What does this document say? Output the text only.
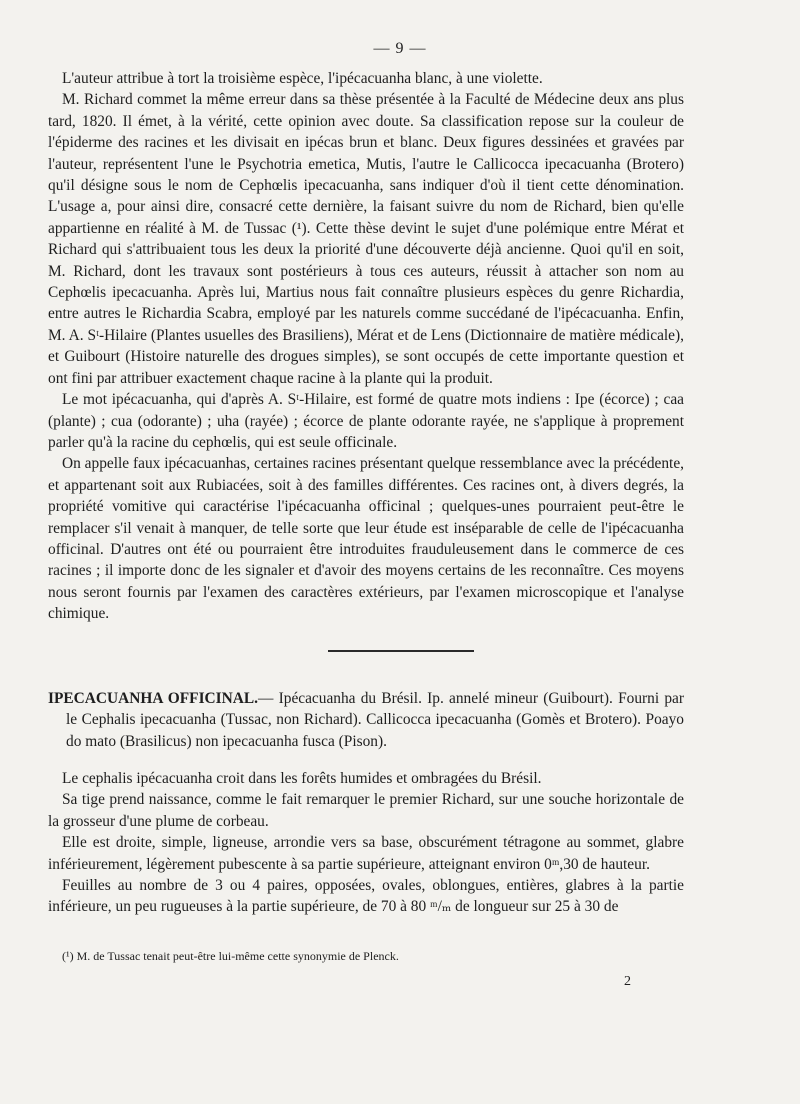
— 9 —

L'auteur attribue à tort la troisième espèce, l'ipécacuanha blanc, à une violette.

M. Richard commet la même erreur dans sa thèse présentée à la Faculté de Médecine deux ans plus tard, 1820. Il émet, à la vérité, cette opinion avec doute. Sa classification repose sur la couleur de l'épiderme des racines et les divisait en ipécas brun et blanc. Deux figures dessinées et gravées par l'auteur, représentent l'une le Psychotria emetica, Mutis, l'autre le Callicocca ipecacuanha (Brotero) qu'il désigne sous le nom de Cephœlis ipecacuanha, sans indiquer d'où il tient cette dénomination. L'usage a, pour ainsi dire, consacré cette dernière, la faisant suivre du nom de Richard, bien qu'elle appartienne en réalité à M. de Tussac (¹). Cette thèse devint le sujet d'une polémique entre Mérat et Richard qui s'attribuaient tous les deux la priorité d'une découverte déjà ancienne. Quoi qu'il en soit, M. Richard, dont les travaux sont postérieurs à tous ces auteurs, réussit à attacher son nom au Cephœlis ipecacuanha. Après lui, Martius nous fait connaître plusieurs espèces du genre Richardia, entre autres le Richardia Scabra, employé par les naturels comme succédané de l'ipécacuanha. Enfin, M. A. Sᵗ-Hilaire (Plantes usuelles des Brasiliens), Mérat et de Lens (Dictionnaire de matière médicale), et Guibourt (Histoire naturelle des drogues simples), se sont occupés de cette importante question et ont fini par attribuer exactement chaque racine à la plante qui la produit.

Le mot ipécacuanha, qui d'après A. Sᵗ-Hilaire, est formé de quatre mots indiens : Ipe (écorce) ; caa (plante) ; cua (odorante) ; uha (rayée) ; écorce de plante odorante rayée, ne s'applique à proprement parler qu'à la racine du cephœlis, qui est seule officinale.

On appelle faux ipécacuanhas, certaines racines présentant quelque ressemblance avec la précédente, et appartenant soit aux Rubiacées, soit à des familles différentes. Ces racines ont, à divers degrés, la propriété vomitive qui caractérise l'ipécacuanha officinal ; quelques-unes pourraient peut-être le remplacer s'il venait à manquer, de telle sorte que leur étude est inséparable de celle de l'ipécacuanha officinal. D'autres ont été ou pourraient être introduites frauduleusement dans le commerce de ces racines ; il importe donc de les signaler et d'avoir des moyens certains de les reconnaître. Ces moyens nous seront fournis par l'examen des caractères extérieurs, par l'examen microscopique et l'analyse chimique.

IPECACUANHA OFFICINAL.— Ipécacuanha du Brésil. Ip. annelé mineur (Guibourt). Fourni par le Cephalis ipecacuanha (Tussac, non Richard). Callicocca ipecacuanha (Gomès et Brotero). Poayo do mato (Brasilicus) non ipecacuanha fusca (Pison).

Le cephalis ipécacuanha croit dans les forêts humides et ombragées du Brésil.

Sa tige prend naissance, comme le fait remarquer le premier Richard, sur une souche horizontale de la grosseur d'une plume de corbeau.

Elle est droite, simple, ligneuse, arrondie vers sa base, obscurément tétragone au sommet, glabre inférieurement, légèrement pubescente à sa partie supérieure, atteignant environ 0ᵐ,30 de hauteur.

Feuilles au nombre de 3 ou 4 paires, opposées, ovales, oblongues, entières, glabres à la partie inférieure, un peu rugueuses à la partie supérieure, de 70 à 80 ᵐ/ₘ de longueur sur 25 à 30 de

(¹) M. de Tussac tenait peut-être lui-même cette synonymie de Plenck.
2
